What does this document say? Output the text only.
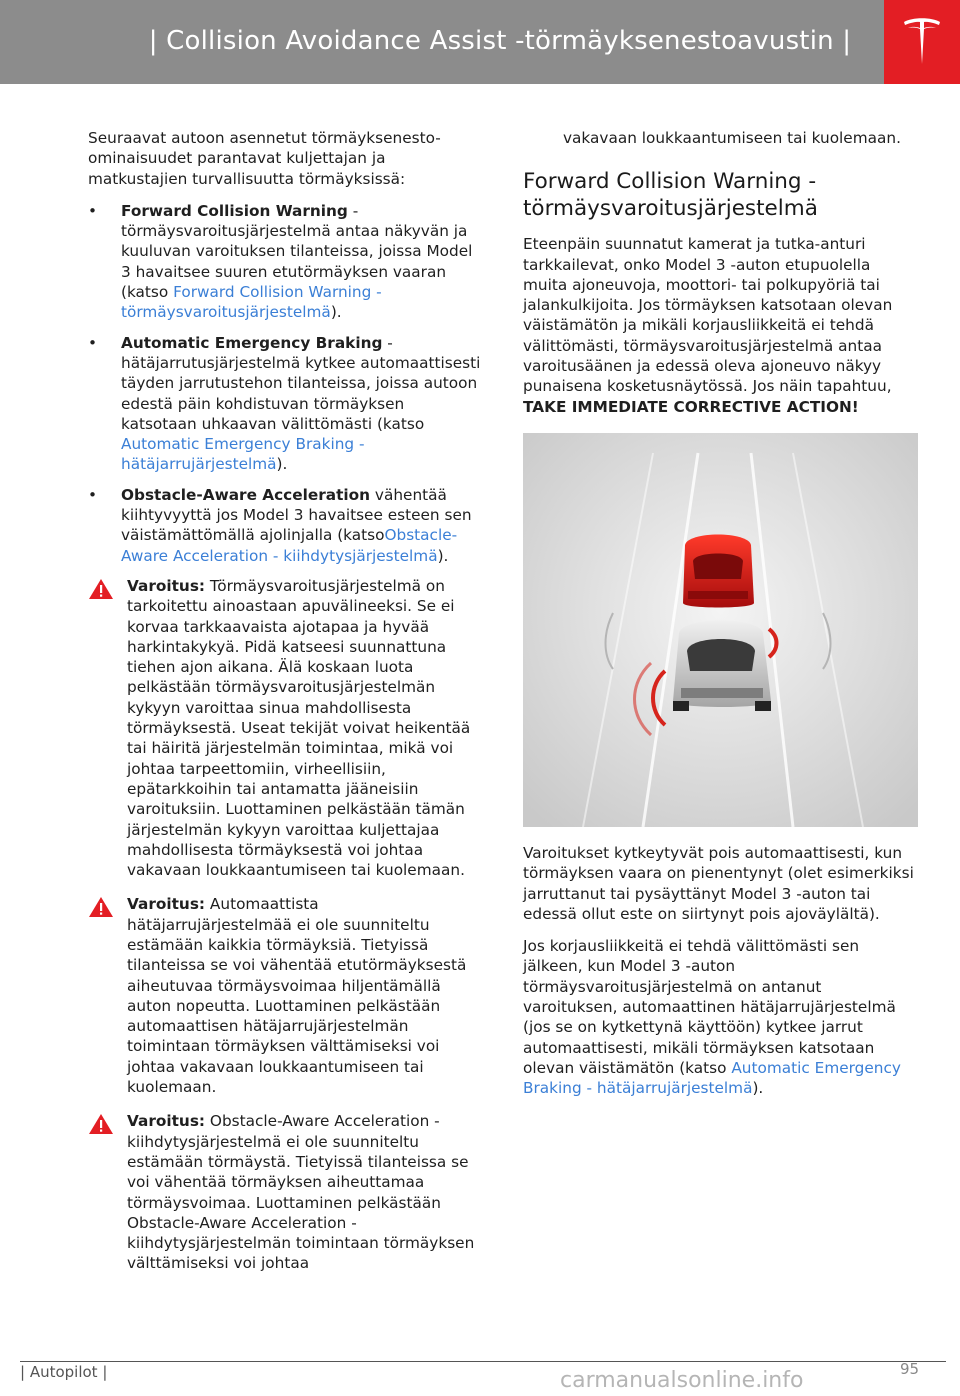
| Collision Avoidance Assist -törmäyksenestoavustin |

Seuraavat autoon asennetut törmäyksenesto-ominaisuudet parantavat kuljettajan ja matkustajien turvallisuutta törmäyksissä:

• Forward Collision Warning - törmäysvaroitusjärjestelmä antaa näkyvän ja kuuluvan varoituksen tilanteissa, joissa Model 3 havaitsee suuren etutörmäyksen vaaran (katso Forward Collision Warning - törmäysvaroitusjärjestelmä).
• Automatic Emergency Braking - hätäjarrutusjärjestelmä kytkee automaattisesti täyden jarrutustehon tilanteissa, joissa autoon edestä päin kohdistuvan törmäyksen katsotaan uhkaavan välittömästi (katso Automatic Emergency Braking -hätäjarrujärjestelmä).
• Obstacle-Aware Acceleration vähentää kiihtyvyyttä jos Model 3 havaitsee esteen sen väistämättömällä ajolinjalla (katsoObstacle-Aware Acceleration - kiihdytysjärjestelmä).
Varoitus: Törmäysvaroitusjärjestelmä on tarkoitettu ainoastaan apuvälineeksi. Se ei korvaa tarkkaavaista ajotapaa ja hyvää harkintakykyä. Pidä katseesi suunnattuna tiehen ajon aikana. Älä koskaan luota pelkästään törmäysvaroitusjärjestelmän kykyyn varoittaa sinua mahdollisesta törmäyksestä. Useat tekijät voivat heikentää tai häiritä järjestelmän toimintaa, mikä voi johtaa tarpeettomiin, virheellisiin, epätarkkoihin tai antamatta jääneisiin varoituksiin. Luottaminen pelkästään tämän järjestelmän kykyyn varoittaa kuljettajaa mahdollisesta törmäyksestä voi johtaa vakavaan loukkaantumiseen tai kuolemaan.
Varoitus: Automaattista hätäjarrujärjestelmää ei ole suunniteltu estämään kaikkia törmäyksiä. Tietyissä tilanteissa se voi vähentää etutörmäyksestä aiheutuvaa törmäysvoimaa hiljentämällä auton nopeutta. Luottaminen pelkästään automaattisen hätäjarrujärjestelmän toimintaan törmäyksen välttämiseksi voi johtaa vakavaan loukkaantumiseen tai kuolemaan.
Varoitus: Obstacle-Aware Acceleration -kiihdytysjärjestelmä ei ole suunniteltu estämään törmäystä. Tietyissä tilanteissa se voi vähentää törmäyksen aiheuttamaa törmäysvoimaa. Luottaminen pelkästään Obstacle-Aware Acceleration -kiihdytysjärjestelmän toimintaan törmäyksen välttämiseksi voi johtaa

vakavaan loukkaantumiseen tai kuolemaan.

Forward Collision Warning - törmäysvaroitusjärjestelmä

Eteenpäin suunnatut kamerat ja tutka-anturi tarkkailevat, onko Model 3 -auton etupuolella muita ajoneuvoja, moottori- tai polkupyöriä tai jalankulkijoita. Jos törmäyksen katsotaan olevan väistämätön ja mikäli korjausliikkeitä ei tehdä välittömästi, törmäysvaroitusjärjestelmä antaa varoitusäänen ja edessä oleva ajoneuvo näkyy punaisena kosketusnäytössä. Jos näin tapahtuu, TAKE IMMEDIATE CORRECTIVE ACTION!

Varoitukset kytkeytyvät pois automaattisesti, kun törmäyksen vaara on pienentynyt (olet esimerkiksi jarruttanut tai pysäyttänyt Model 3 -auton tai edessä ollut este on siirtynyt pois ajoväylältä).

Jos korjausliikkeitä ei tehdä välittömästi sen jälkeen, kun Model 3 -auton törmäysvaroitusjärjestelmä on antanut varoituksen, automaattinen hätäjarrujärjestelmä (jos se on kytkettynä käyttöön) kytkee jarrut automaattisesti, mikäli törmäyksen katsotaan olevan väistämätön (katso Automatic Emergency Braking - hätäjarrujärjestelmä).

| Autopilot |	95
carmanualsonline.info
